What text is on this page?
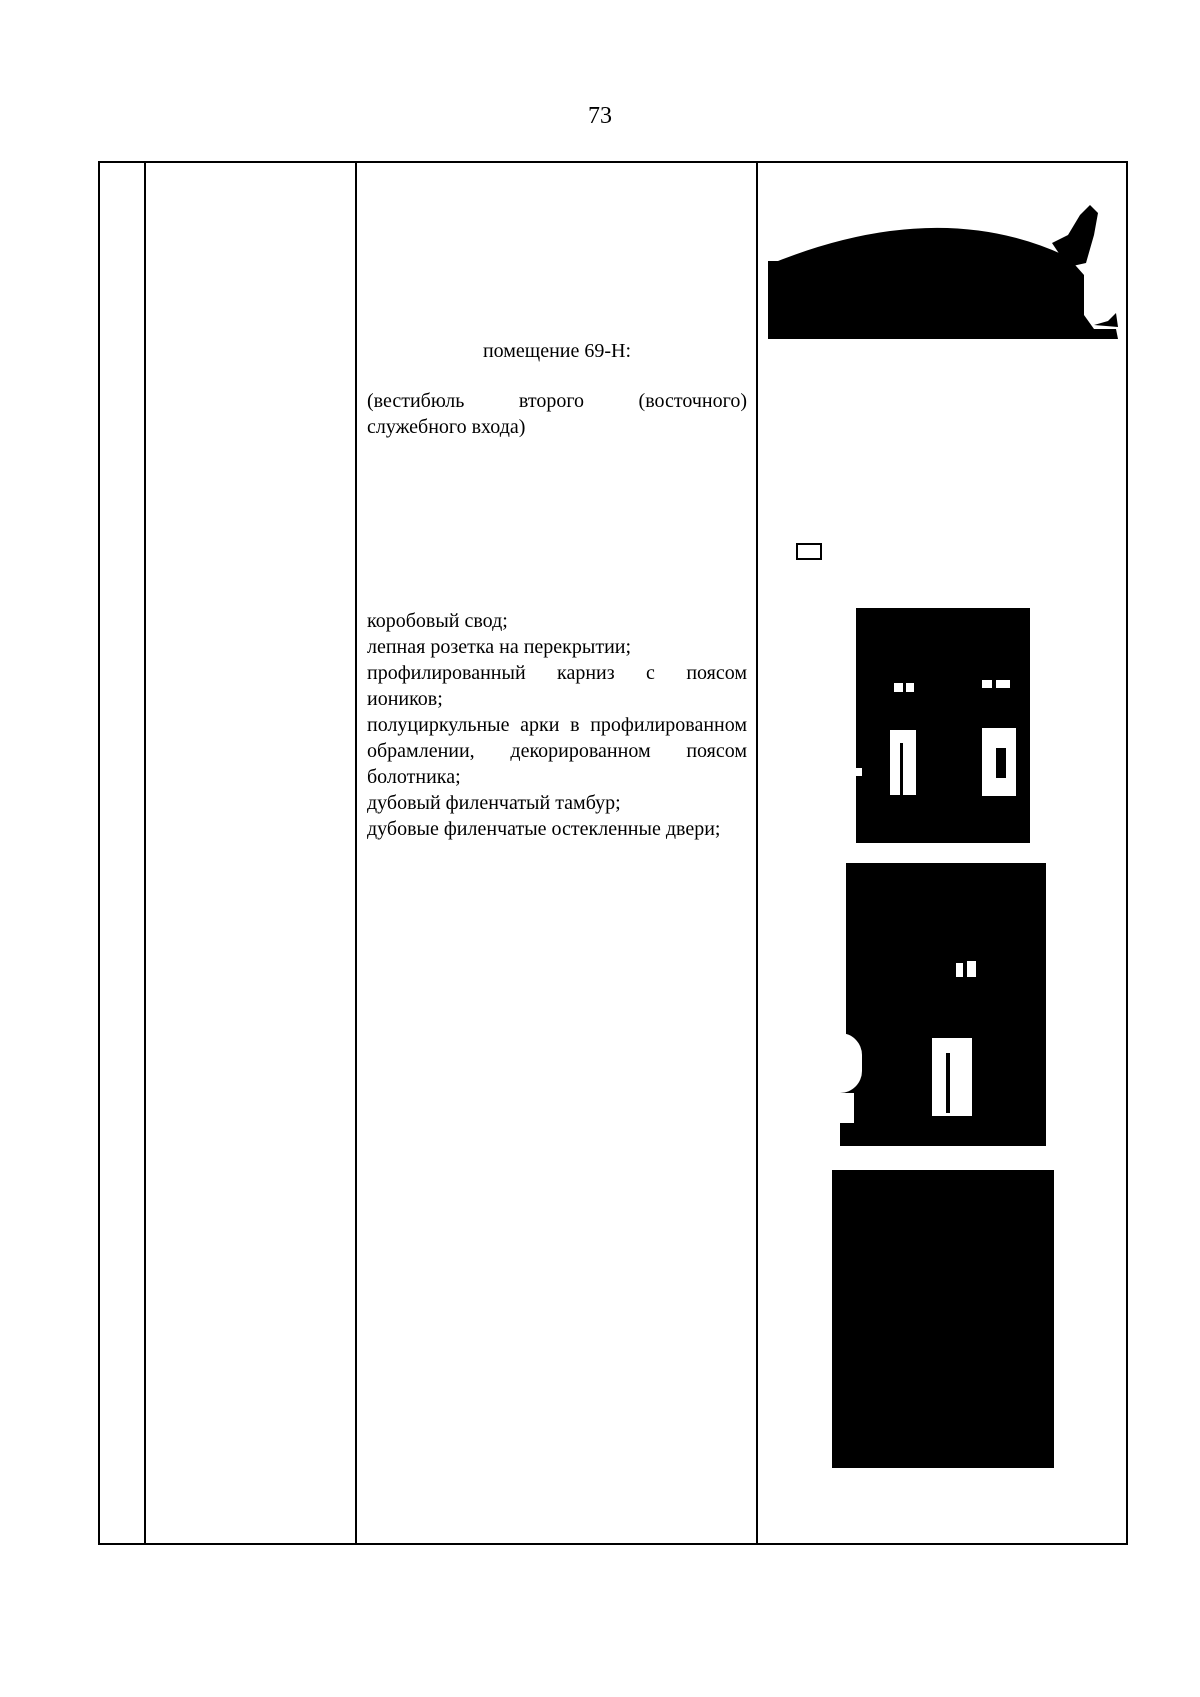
73
помещение 69-Н:
(вестибюль второго (восточного) служебного входа)
коробовый свод;
лепная розетка на перекрытии;
профилированный карниз с поясом иоников;
полуциркульные арки в профилированном обрамлении, декорированном поясом болотника;
дубовый филенчатый тамбур;
дубовые филенчатые остекленные двери;
